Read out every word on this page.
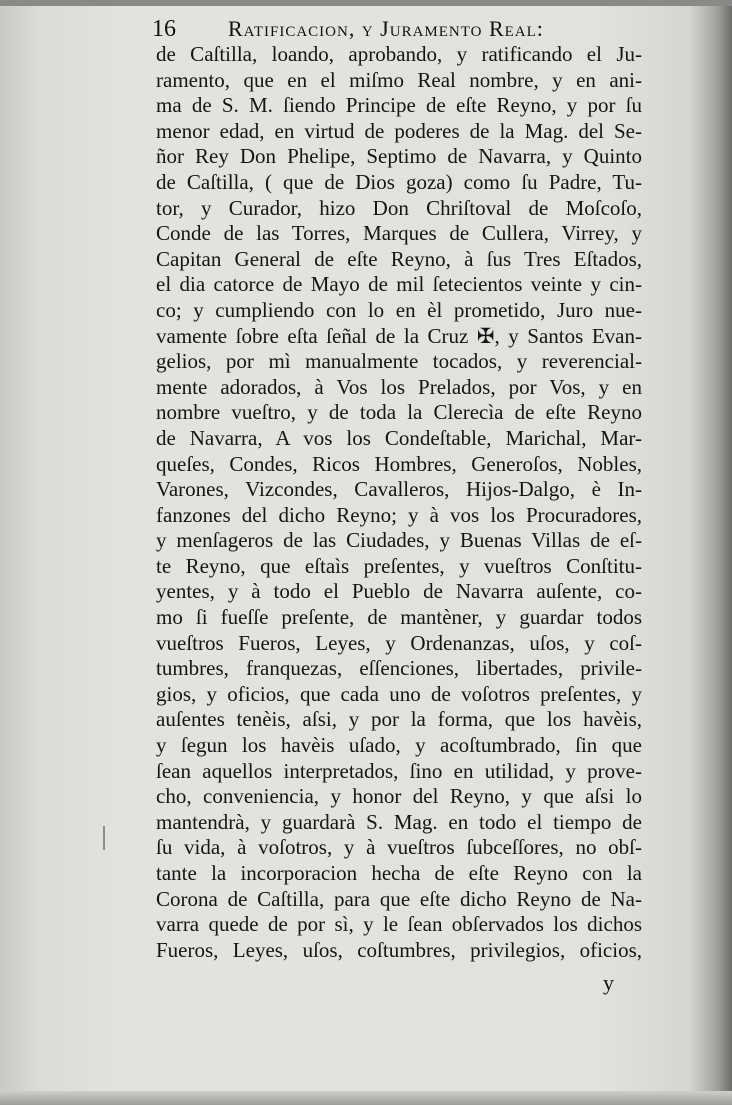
16 Ratificacion, y Juramento Real:
de Caſtilla, loando, aprobando, y ratificando el Ju-
ramento, que en el miſmo Real nombre, y en ani-
ma de S. M. ſiendo Principe de eſte Reyno, y por ſu
menor edad, en virtud de poderes de la Mag. del Se-
ñor Rey Don Phelipe, Septimo de Navarra, y Quinto
de Caſtilla, ( que de Dios goza) como ſu Padre, Tu-
tor, y Curador, hizo Don Chriſtoval de Moſcoſo,
Conde de las Torres, Marques de Cullera, Virrey, y
Capitan General de eſte Reyno, à ſus Tres Eſtados,
el dia catorce de Mayo de mil ſetecientos veinte y cin-
co; y cumpliendo con lo en èl prometido, Juro nue-
vamente ſobre eſta ſeñal de la Cruz ✠, y Santos Evan-
gelios, por mì manualmente tocados, y reverencial-
mente adorados, à Vos los Prelados, por Vos, y en
nombre vueſtro, y de toda la Clerecìa de eſte Reyno
de Navarra, A vos los Condeſtable, Marichal, Mar-
queſes, Condes, Ricos Hombres, Generoſos, Nobles,
Varones, Vizcondes, Cavalleros, Hijos-Dalgo, è In-
fanzones del dicho Reyno; y à vos los Procuradores,
y menſageros de las Ciudades, y Buenas Villas de eſ-
te Reyno, que eſtaìs preſentes, y vueſtros Conſtitu-
yentes, y à todo el Pueblo de Navarra auſente, co-
mo ſi fueſſe preſente, de mantèner, y guardar todos
vueſtros Fueros, Leyes, y Ordenanzas, uſos, y coſ-
tumbres, franquezas, eſſenciones, libertades, privile-
gios, y oficios, que cada uno de voſotros preſentes, y
auſentes tenèis, aſsi, y por la forma, que los havèis,
y ſegun los havèis uſado, y acoſtumbrado, ſin que
ſean aquellos interpretados, ſino en utilidad, y prove-
cho, conveniencia, y honor del Reyno, y que aſsi lo
mantendrà, y guardarà S. Mag. en todo el tiempo de
ſu vida, à voſotros, y à vueſtros ſubceſſores, no obſ-
tante la incorporacion hecha de eſte Reyno con la
Corona de Caſtilla, para que eſte dicho Reyno de Na-
varra quede de por sì, y le ſean obſervados los dichos
Fueros, Leyes, uſos, coſtumbres, privilegios, oficios,
y
